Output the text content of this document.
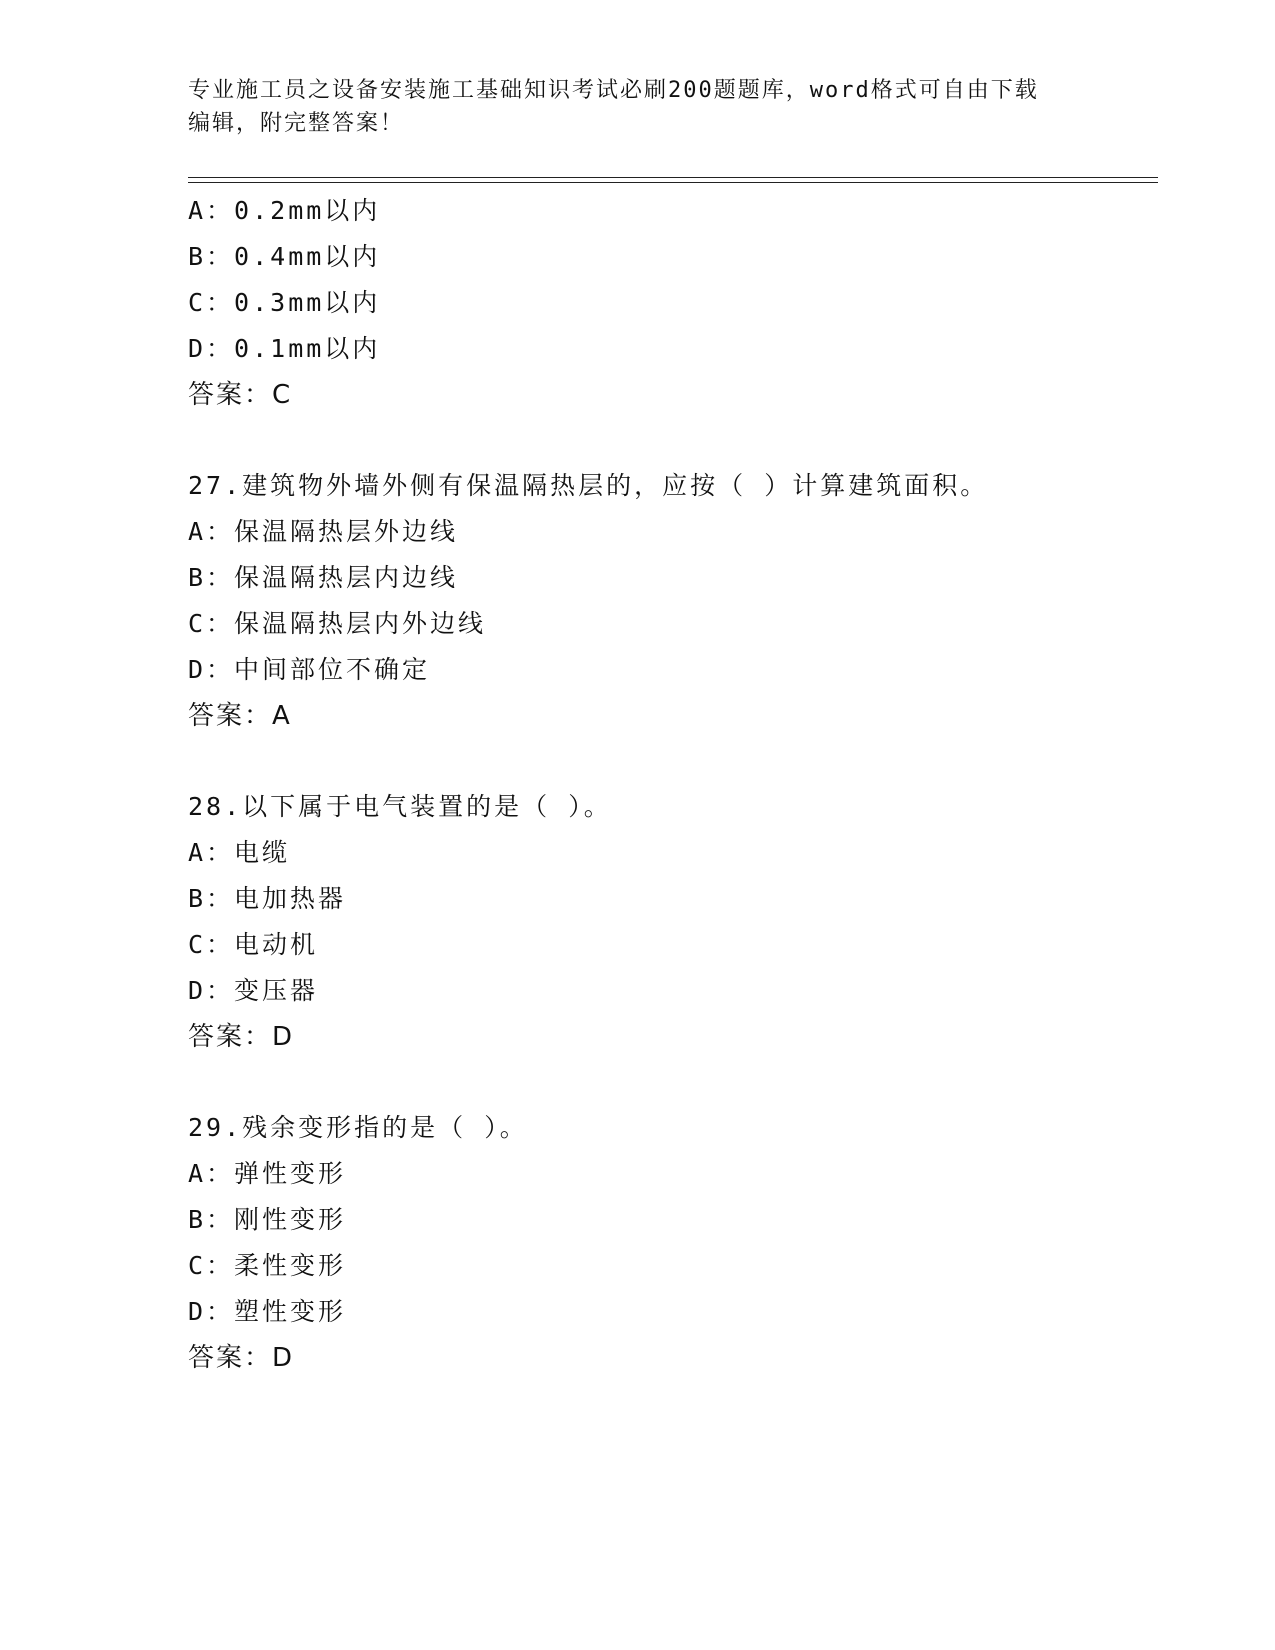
专业施工员之设备安装施工基础知识考试必刷200题题库，word格式可自由下载
编辑，附完整答案！
A：0.2mm以内
B：0.4mm以内
C：0.3mm以内
D：0.1mm以内
答案：C
27.建筑物外墙外侧有保温隔热层的，应按（ ）计算建筑面积。
A：保温隔热层外边线
B：保温隔热层内边线
C：保温隔热层内外边线
D：中间部位不确定
答案：A
28.以下属于电气装置的是（ ）。
A：电缆
B：电加热器
C：电动机
D：变压器
答案：D
29.残余变形指的是（ ）。
A：弹性变形
B：刚性变形
C：柔性变形
D：塑性变形
答案：D
